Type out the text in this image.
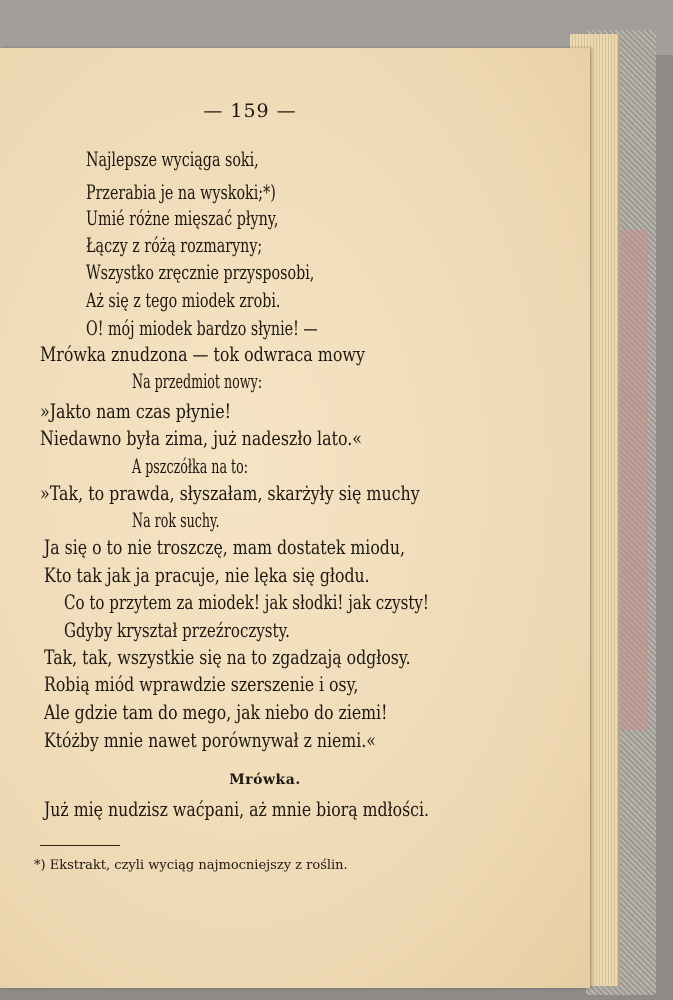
— 159 —
Najlepsze wyciąga soki,
Przerabia je na wyskoki;*)
Umié różne mięszać płyny,
Łączy z różą rozmaryny;
Wszystko zręcznie przysposobi,
Aż się z tego miodek zrobi.
O! mój miodek bardzo słynie! —
Mrówka znudzona — tok odwraca mowy
Na przedmiot nowy:
»Jakto nam czas płynie!
Niedawno była zima, już nadeszło lato.«
A pszczółka na to:
»Tak, to prawda, słyszałam, skarżyły się muchy
Na rok suchy.
Ja się o to nie troszczę, mam dostatek miodu,
Kto tak jak ja pracuje, nie lęka się głodu.
Co to przytem za miodek! jak słodki! jak czysty!
Gdyby kryształ przeźroczysty.
Tak, tak, wszystkie się na to zgadzają odgłosy.
Robią miód wprawdzie szerszenie i osy,
Ale gdzie tam do mego, jak niebo do ziemi!
Któżby mnie nawet porównywał z niemi.«
Mrówka.
Już mię nudzisz waćpani, aż mnie biorą mdłości.
*) Ekstrakt, czyli wyciąg najmocniejszy z roślin.
